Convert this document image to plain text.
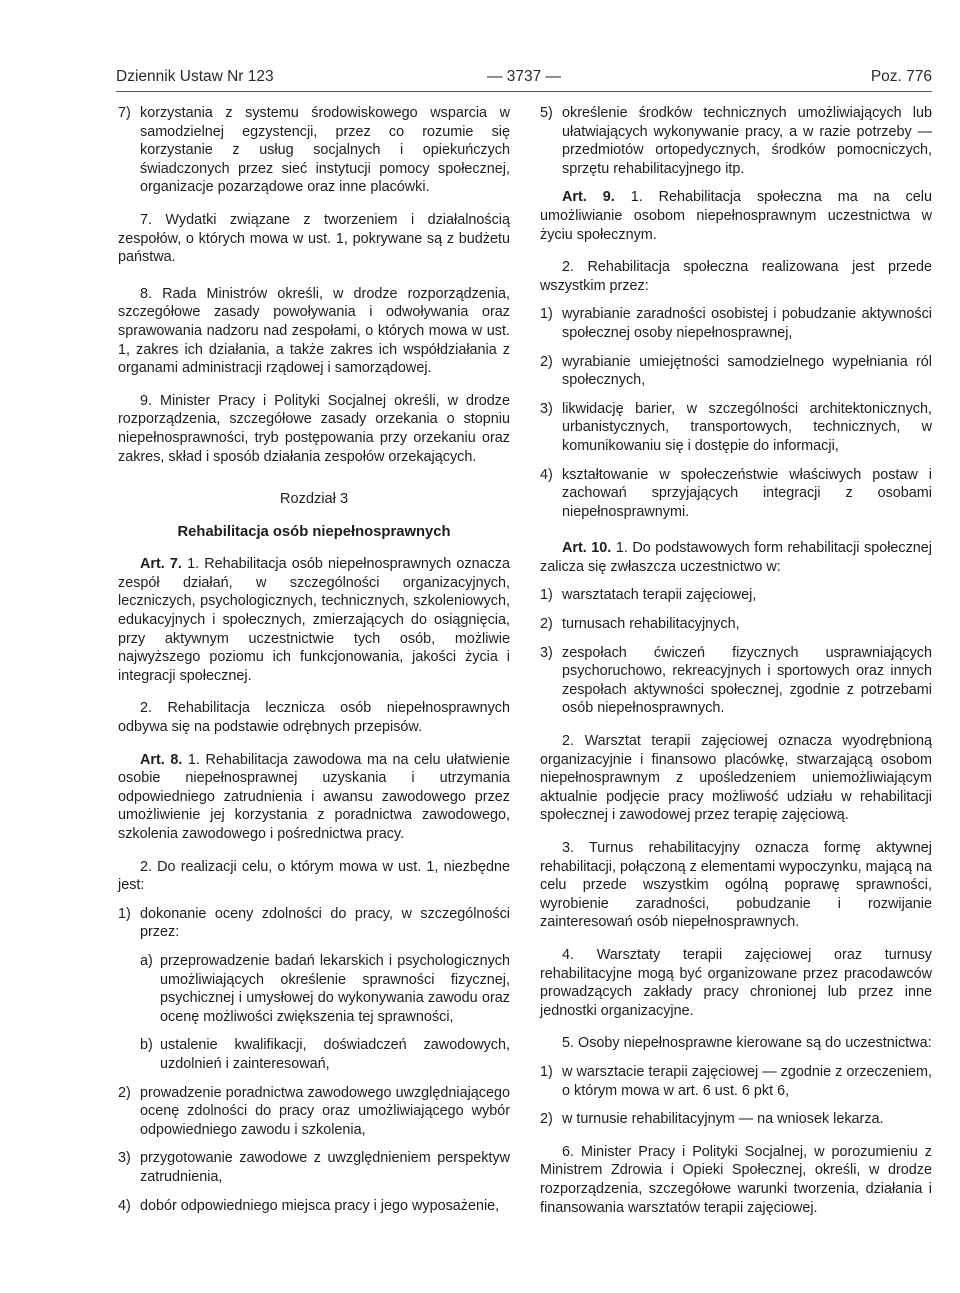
Dziennik Ustaw Nr 123	— 3737 —	Poz. 776
7) korzystania z systemu środowiskowego wsparcia w samodzielnej egzystencji, przez co rozumie się korzystanie z usług socjalnych i opiekuńczych świadczonych przez sieć instytucji pomocy społecznej, organizacje pozarządowe oraz inne placówki.

7. Wydatki związane z tworzeniem i działalnością zespołów, o których mowa w ust. 1, pokrywane są z budżetu państwa.

8. Rada Ministrów określi, w drodze rozporządzenia, szczegółowe zasady powoływania i odwoływania oraz sprawowania nadzoru nad zespołami, o których mowa w ust. 1, zakres ich działania, a także zakres ich współdziałania z organami administracji rządowej i samorządowej.

9. Minister Pracy i Polityki Socjalnej określi, w drodze rozporządzenia, szczegółowe zasady orzekania o stopniu niepełnosprawności, tryb postępowania przy orzekaniu oraz zakres, skład i sposób działania zespołów orzekających.

Rozdział 3

Rehabilitacja osób niepełnosprawnych

Art. 7. 1. Rehabilitacja osób niepełnosprawnych oznacza zespół działań, w szczególności organizacyjnych, leczniczych, psychologicznych, technicznych, szkoleniowych, edukacyjnych i społecznych, zmierzających do osiągnięcia, przy aktywnym uczestnictwie tych osób, możliwie najwyższego poziomu ich funkcjonowania, jakości życia i integracji społecznej.

2. Rehabilitacja lecznicza osób niepełnosprawnych odbywa się na podstawie odrębnych przepisów.

Art. 8. 1. Rehabilitacja zawodowa ma na celu ułatwienie osobie niepełnosprawnej uzyskania i utrzymania odpowiedniego zatrudnienia i awansu zawodowego przez umożliwienie jej korzystania z poradnictwa zawodowego, szkolenia zawodowego i pośrednictwa pracy.

2. Do realizacji celu, o którym mowa w ust. 1, niezbędne jest:

1) dokonanie oceny zdolności do pracy, w szczególności przez:
a) przeprowadzenie badań lekarskich i psychologicznych umożliwiających określenie sprawności fizycznej, psychicznej i umysłowej do wykonywania zawodu oraz ocenę możliwości zwiększenia tej sprawności,
b) ustalenie kwalifikacji, doświadczeń zawodowych, uzdolnień i zainteresowań,
2) prowadzenie poradnictwa zawodowego uwzględniającego ocenę zdolności do pracy oraz umożliwiającego wybór odpowiedniego zawodu i szkolenia,
3) przygotowanie zawodowe z uwzględnieniem perspektyw zatrudnienia,
4) dobór odpowiedniego miejsca pracy i jego wyposażenie,
5) określenie środków technicznych umożliwiających lub ułatwiających wykonywanie pracy, a w razie potrzeby — przedmiotów ortopedycznych, środków pomocniczych, sprzętu rehabilitacyjnego itp.

Art. 9. 1. Rehabilitacja społeczna ma na celu umożliwianie osobom niepełnosprawnym uczestnictwa w życiu społecznym.

2. Rehabilitacja społeczna realizowana jest przede wszystkim przez:

1) wyrabianie zaradności osobistej i pobudzanie aktywności społecznej osoby niepełnosprawnej,
2) wyrabianie umiejętności samodzielnego wypełniania ról społecznych,
3) likwidację barier, w szczególności architektonicznych, urbanistycznych, transportowych, technicznych, w komunikowaniu się i dostępie do informacji,
4) kształtowanie w społeczeństwie właściwych postaw i zachowań sprzyjających integracji z osobami niepełnosprawnymi.

Art. 10. 1. Do podstawowych form rehabilitacji społecznej zalicza się zwłaszcza uczestnictwo w:

1) warsztatach terapii zajęciowej,
2) turnusach rehabilitacyjnych,
3) zespołach ćwiczeń fizycznych usprawniających psychoruchowo, rekreacyjnych i sportowych oraz innych zespołach aktywności społecznej, zgodnie z potrzebami osób niepełnosprawnych.

2. Warsztat terapii zajęciowej oznacza wyodrębnioną organizacyjnie i finansowo placówkę, stwarzającą osobom niepełnosprawnym z upośledzeniem uniemożliwiającym aktualnie podjęcie pracy możliwość udziału w rehabilitacji społecznej i zawodowej przez terapię zajęciową.

3. Turnus rehabilitacyjny oznacza formę aktywnej rehabilitacji, połączoną z elementami wypoczynku, mającą na celu przede wszystkim ogólną poprawę sprawności, wyrobienie zaradności, pobudzanie i rozwijanie zainteresowań osób niepełnosprawnych.

4. Warsztaty terapii zajęciowej oraz turnusy rehabilitacyjne mogą być organizowane przez pracodawców prowadzących zakłady pracy chronionej lub przez inne jednostki organizacyjne.

5. Osoby niepełnosprawne kierowane są do uczestnictwa:

1) w warsztacie terapii zajęciowej — zgodnie z orzeczeniem, o którym mowa w art. 6 ust. 6 pkt 6,
2) w turnusie rehabilitacyjnym — na wniosek lekarza.

6. Minister Pracy i Polityki Socjalnej, w porozumieniu z Ministrem Zdrowia i Opieki Społecznej, określi, w drodze rozporządzenia, szczegółowe warunki tworzenia, działania i finansowania warsztatów terapii zajęciowej.
